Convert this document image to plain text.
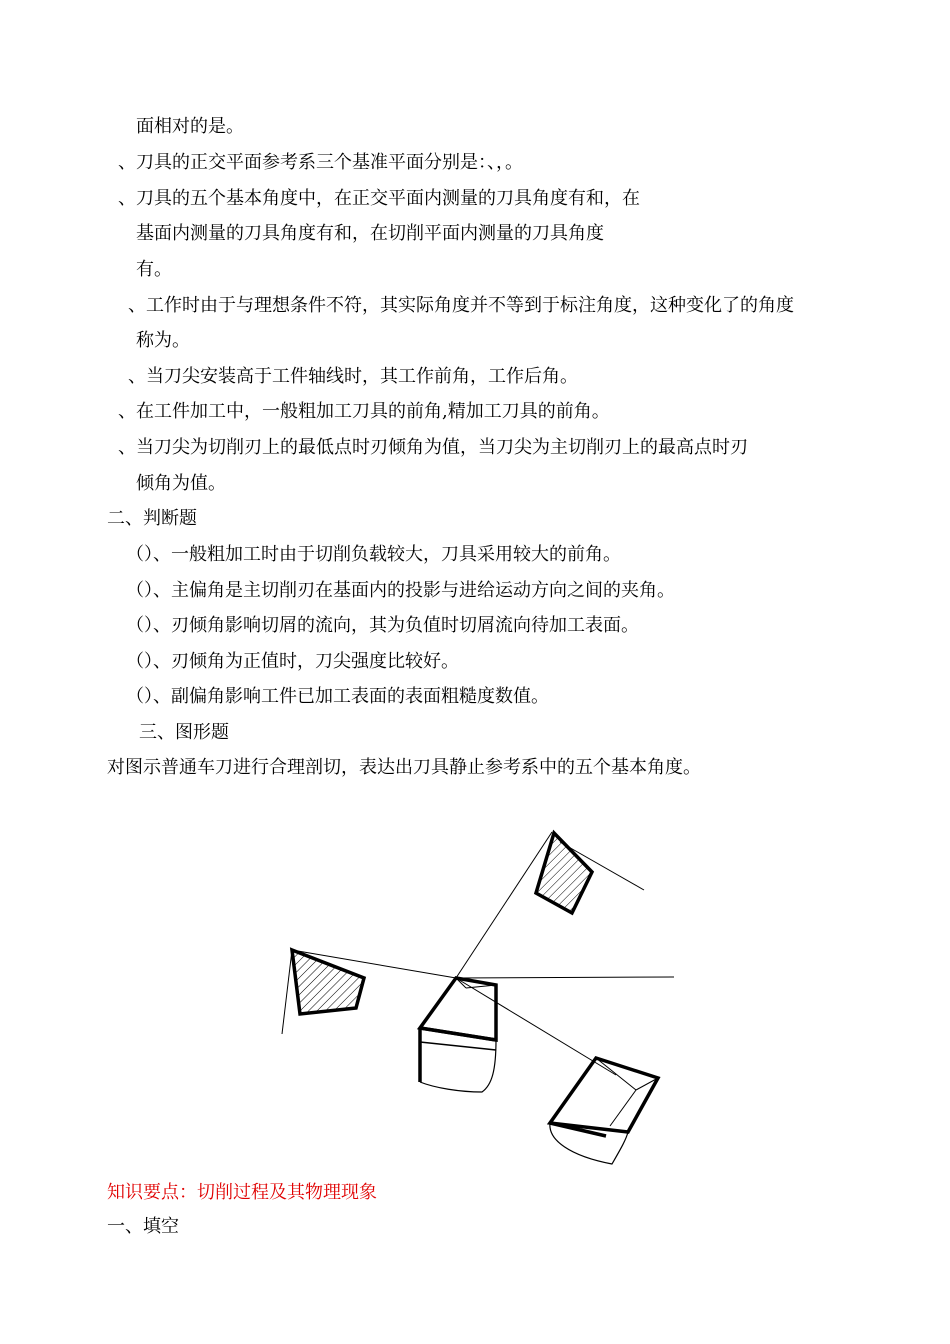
面相对的是。
、刀具的正交平面参考系三个基准平面分别是：、，。
、刀具的五个基本角度中，在正交平面内测量的刀具角度有和，在
基面内测量的刀具角度有和，在切削平面内测量的刀具角度
有。
、工作时由于与理想条件不符，其实际角度并不等到于标注角度，这种变化了的角度
称为。
、当刀尖安装高于工件轴线时，其工作前角，工作后角。
、在工件加工中，一般粗加工刀具的前角,精加工刀具的前角。
、当刀尖为切削刃上的最低点时刃倾角为值，当刀尖为主切削刃上的最高点时刃
倾角为值。
二、判断题
（）、一般粗加工时由于切削负载较大，刀具采用较大的前角。
（）、主偏角是主切削刃在基面内的投影与进给运动方向之间的夹角。
（）、刃倾角影响切屑的流向，其为负值时切屑流向待加工表面。
（）、刃倾角为正值时，刀尖强度比较好。
（）、副偏角影响工件已加工表面的表面粗糙度数值。
三、图形题
对图示普通车刀进行合理剖切，表达出刀具静止参考系中的五个基本角度。
知识要点：切削过程及其物理现象
一、填空
